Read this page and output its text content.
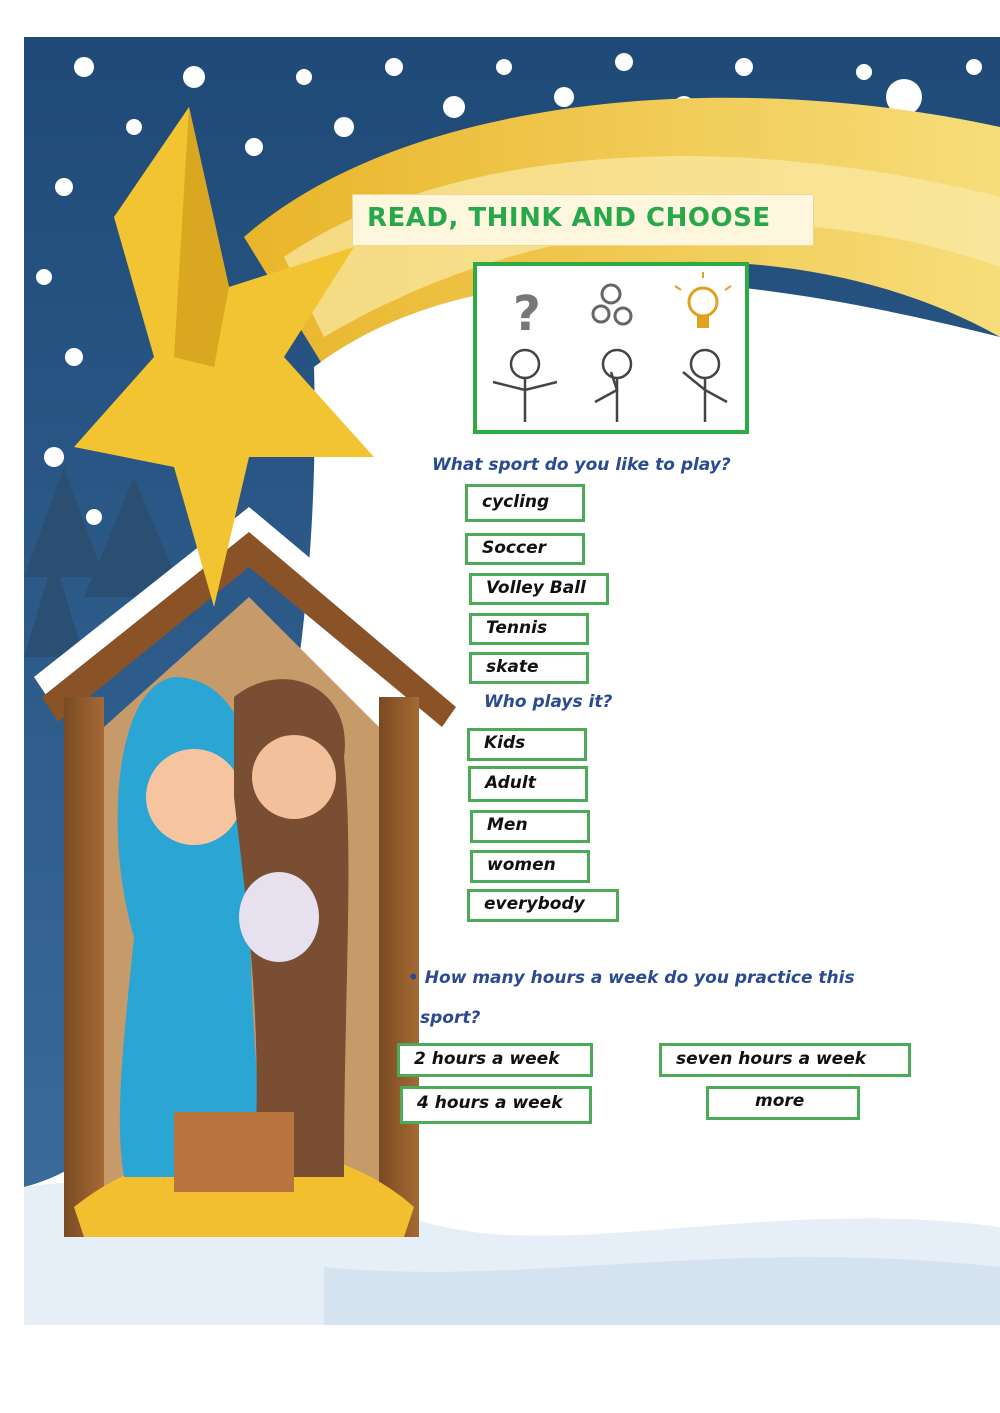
READ, THINK AND CHOOSE
?
What sport do you like to play?
cycling
Soccer
Volley Ball
Tennis
skate
Who plays it?
Kids
Adult
Men
women
everybody
• How many hours a week do you practice this
sport?
2 hours a week	seven hours a week
4 hours a week	more
